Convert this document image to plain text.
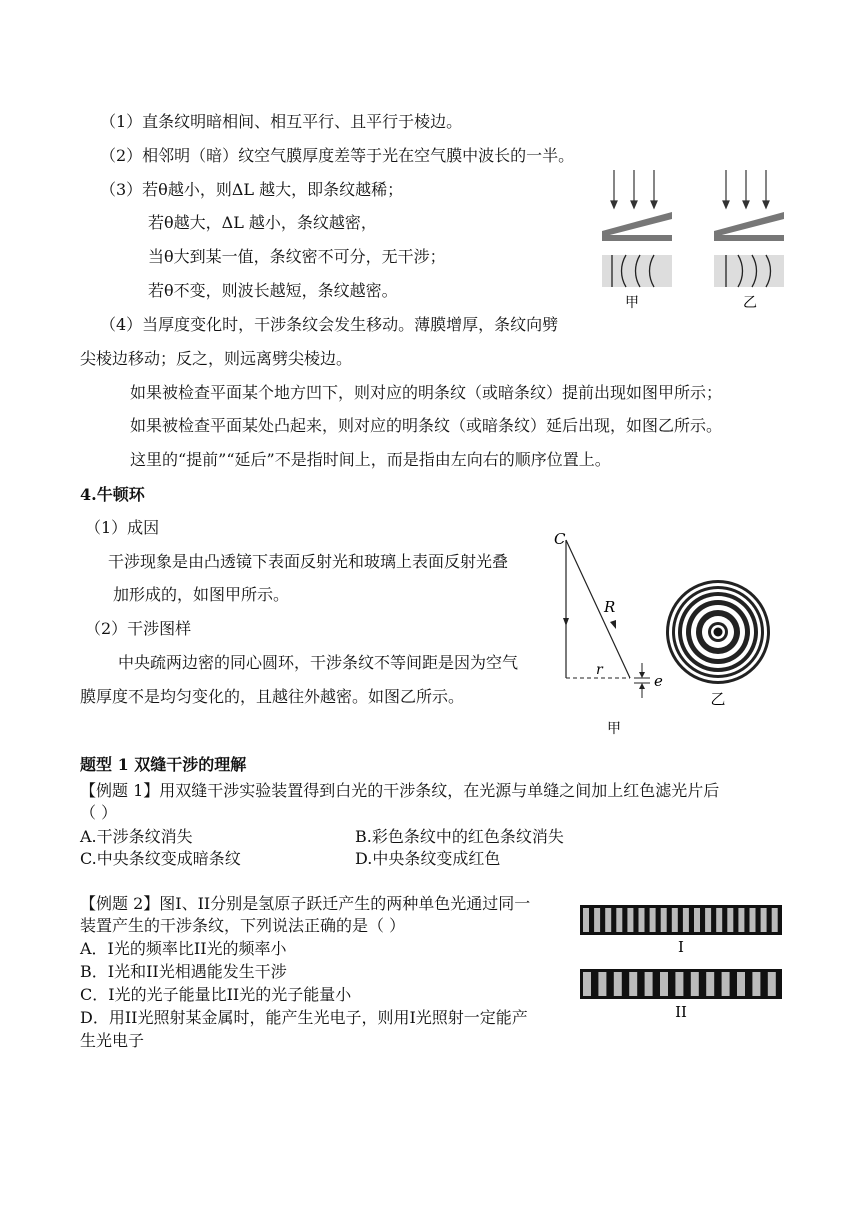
（1）直条纹明暗相间、相互平行、且平行于棱边。
（2）相邻明（暗）纹空气膜厚度差等于光在空气膜中波长的一半。
（3）若θ越小，则ΔL 越大，即条纹越稀；
若θ越大，ΔL 越小，条纹越密，
当θ大到某一值，条纹密不可分，无干涉；
若θ不变，则波长越短，条纹越密。
（4）当厚度变化时，干涉条纹会发生移动。薄膜增厚，条纹向劈
尖棱边移动；反之，则远离劈尖棱边。
如果被检查平面某个地方凹下，则对应的明条纹（或暗条纹）提前出现如图甲所示；
如果被检查平面某处凸起来，则对应的明条纹（或暗条纹）延后出现，如图乙所示。
这里的“提前”“延后”不是指时间上，而是指由左向右的顺序位置上。
4.牛顿环
（1）成因
干涉现象是由凸透镜下表面反射光和玻璃上表面反射光叠
加形成的，如图甲所示。
（2）干涉图样
中央疏两边密的同心圆环，干涉条纹不等间距是因为空气
膜厚度不是均匀变化的，且越往外越密。如图乙所示。
题型 1 双缝干涉的理解
【例题 1】用双缝干涉实验装置得到白光的干涉条纹，在光源与单缝之间加上红色滤光片后
（ ）
A.干涉条纹消失	B.彩色条纹中的红色条纹消失
C.中央条纹变成暗条纹	D.中央条纹变成红色
【例题 2】图I、II分别是氢原子跃迁产生的两种单色光通过同一
装置产生的干涉条纹，下列说法正确的是（ ）
A．I光的频率比II光的频率小
B．I光和II光相遇能发生干涉
C．I光的光子能量比II光的光子能量小
D．用II光照射某金属时，能产生光电子，则用I光照射一定能产
生光电子
甲	乙
C
R
r
e
甲
乙
I
II
